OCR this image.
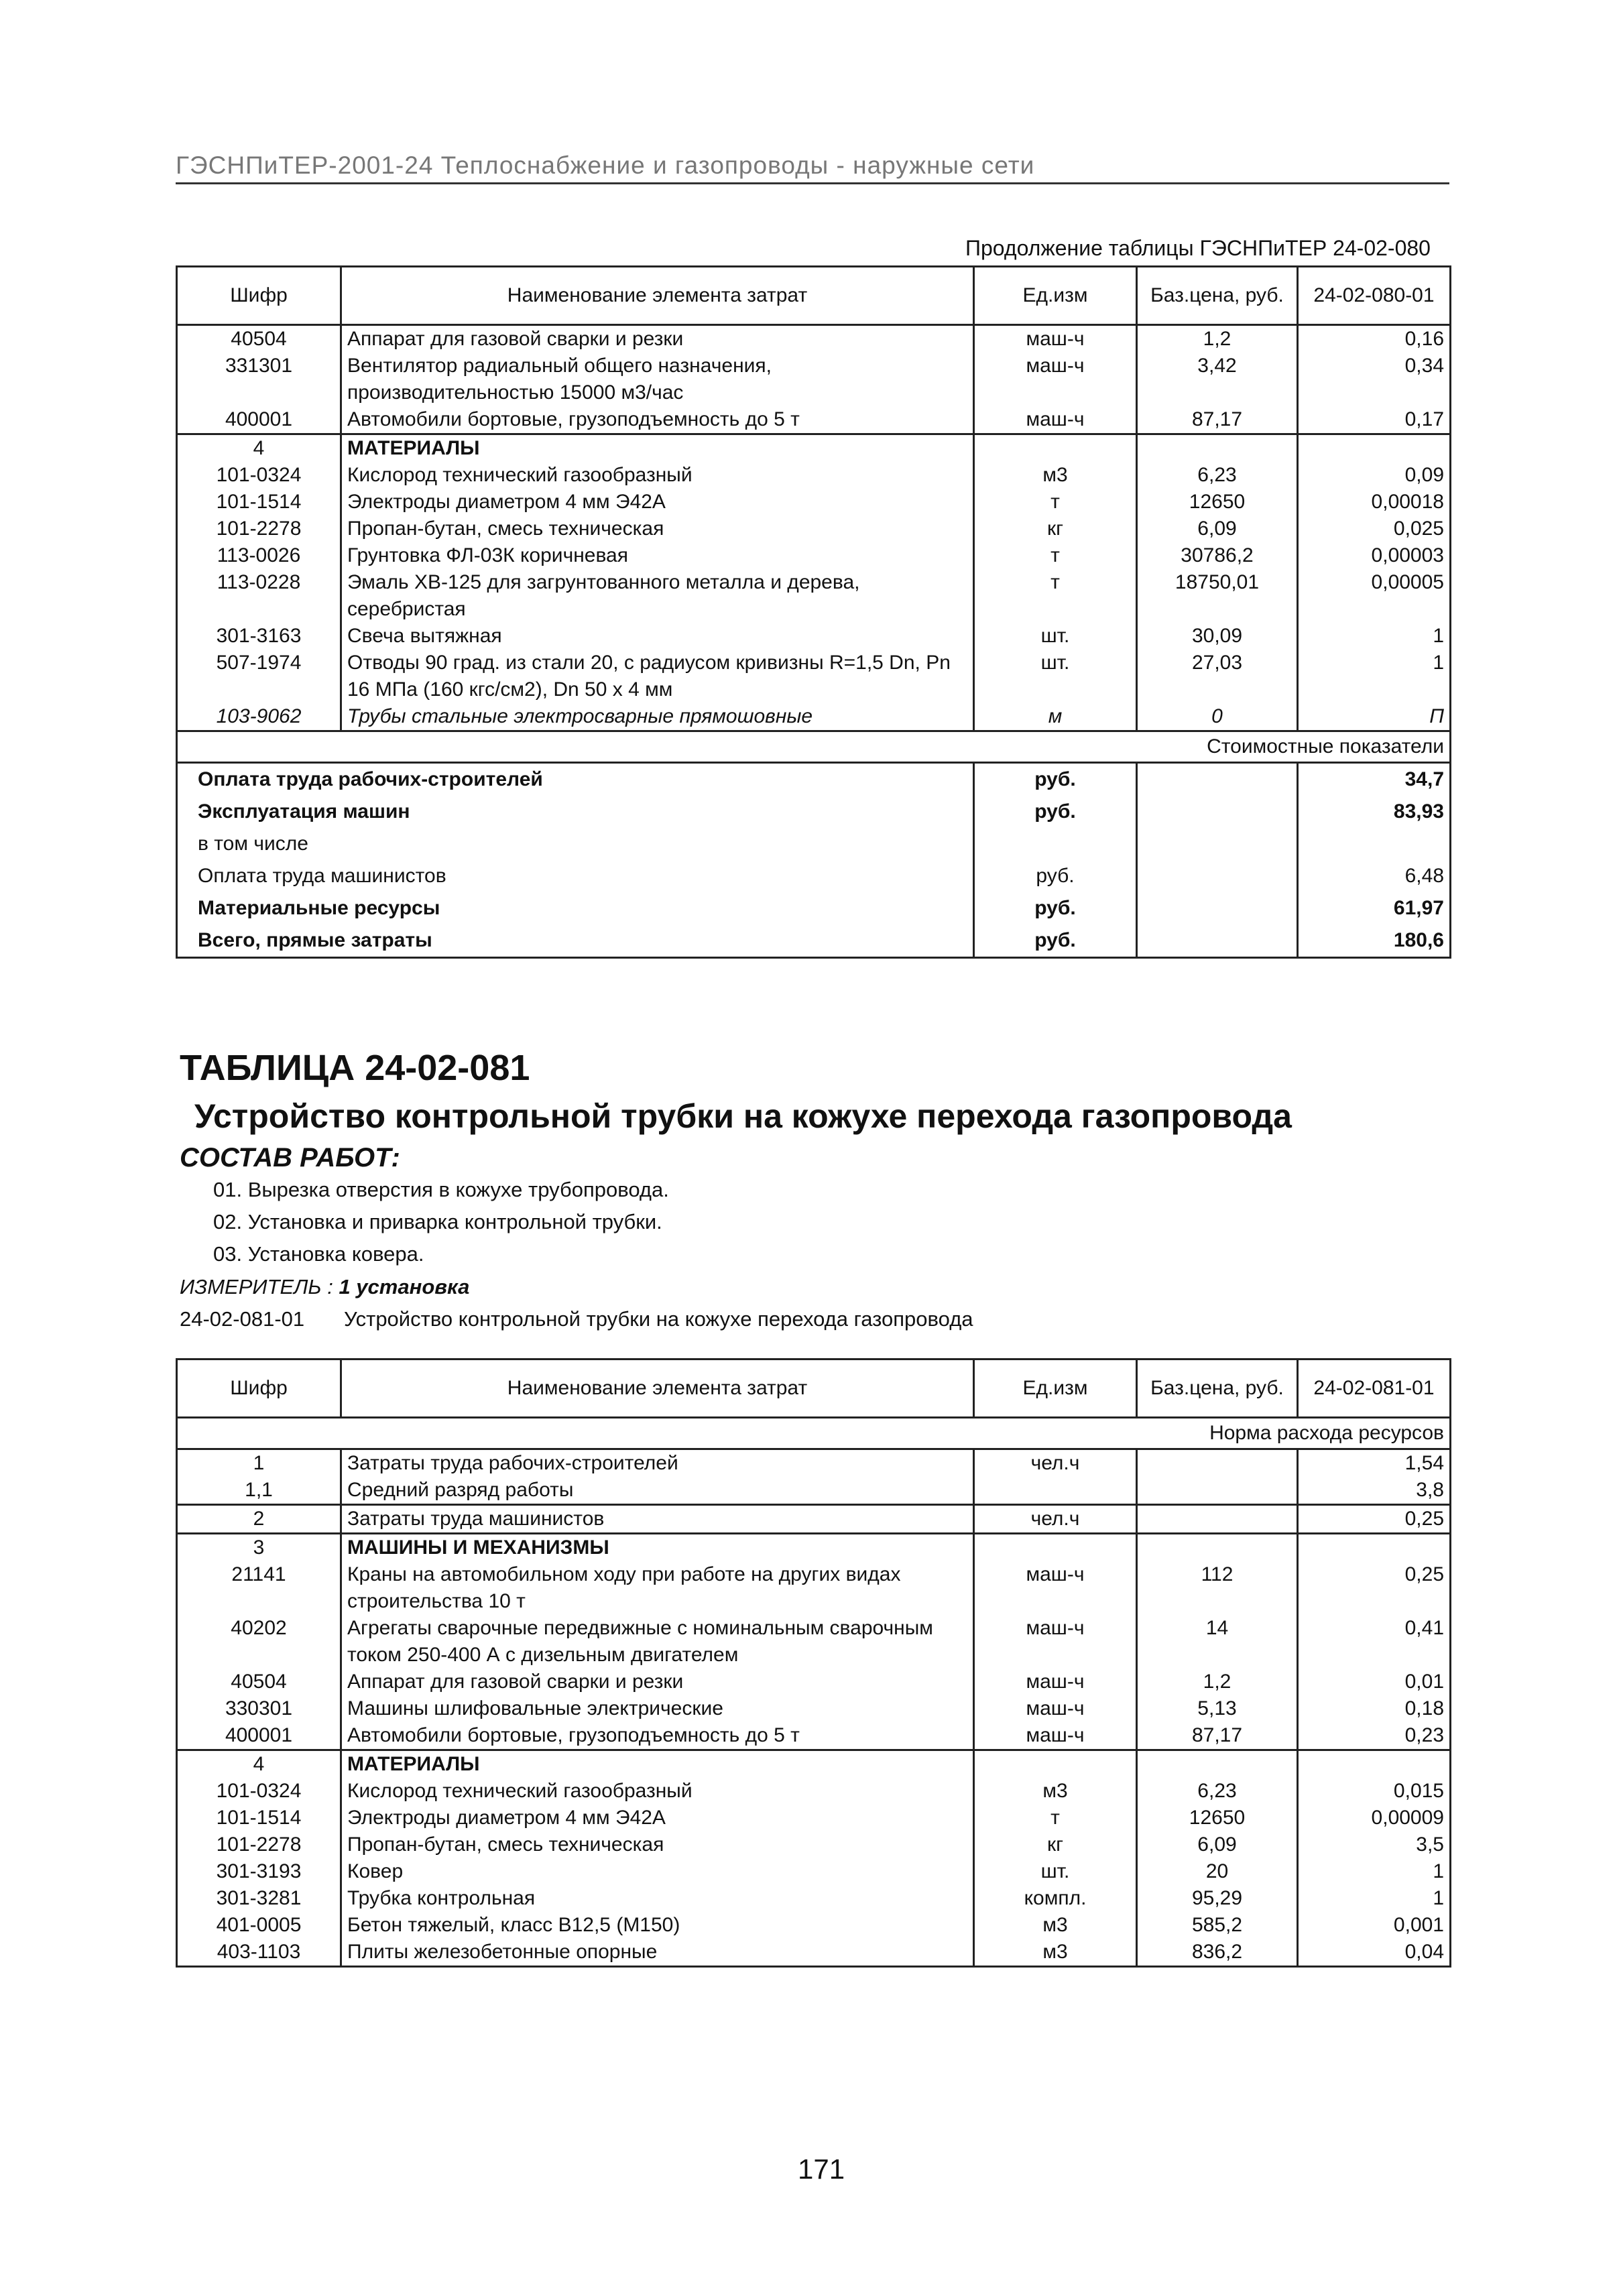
ГЭСНПиТЕР-2001-24 Теплоснабжение и газопроводы - наружные сети
Продолжение таблицы ГЭСНПиТЕР 24-02-080
Шифр	Наименование элемента затрат	Ед.изм	Баз.цена, руб.	24-02-080-01
40504	Аппарат для газовой сварки и резки	маш-ч	1,2	0,16
331301	Вентилятор радиальный общего назначения, производительностью 15000 м3/час	маш-ч	3,42	0,34
400001	Автомобили бортовые, грузоподъемность до 5 т	маш-ч	87,17	0,17
4	МАТЕРИАЛЫ			
101-0324	Кислород технический газообразный	м3	6,23	0,09
101-1514	Электроды диаметром 4 мм Э42А	т	12650	0,00018
101-2278	Пропан-бутан, смесь техническая	кг	6,09	0,025
113-0026	Грунтовка ФЛ-03К коричневая	т	30786,2	0,00003
113-0228	Эмаль ХВ-125 для загрунтованного металла и дерева, серебристая	т	18750,01	0,00005
301-3163	Свеча вытяжная	шт.	30,09	1
507-1974	Отводы 90 град. из стали 20, с радиусом кривизны R=1,5 Dn, Pn 16 МПа (160 кгс/см2), Dn 50 x 4 мм	шт.	27,03	1
103-9062	Трубы стальные электросварные прямошовные	м	0	П
Стоимостные показатели				
Оплата труда рабочих-строителей		руб.		34,7
Эксплуатация машин		руб.		83,93
в том числе				
Оплата труда машинистов		руб.		6,48
Материальные ресурсы		руб.		61,97
Всего, прямые затраты		руб.		180,6
ТАБЛИЦА 24-02-081
Устройство контрольной трубки на кожухе перехода газопровода
СОСТАВ РАБОТ:
01. Вырезка отверстия в кожухе трубопровода.
02. Установка и приварка контрольной трубки.
03. Установка ковера.
ИЗМЕРИТЕЛЬ : 1 установка
24-02-081-01 Устройство контрольной трубки на кожухе перехода газопровода
Шифр	Наименование элемента затрат	Ед.изм	Баз.цена, руб.	24-02-081-01
Норма расхода ресурсов				
1	Затраты труда рабочих-строителей	чел.ч		1,54
1,1	Средний разряд работы			3,8
2	Затраты труда машинистов	чел.ч		0,25
3	МАШИНЫ И МЕХАНИЗМЫ			
21141	Краны на автомобильном ходу при работе на других видах строительства 10 т	маш-ч	112	0,25
40202	Агрегаты сварочные передвижные с номинальным сварочным током 250-400 А с дизельным двигателем	маш-ч	14	0,41
40504	Аппарат для газовой сварки и резки	маш-ч	1,2	0,01
330301	Машины шлифовальные электрические	маш-ч	5,13	0,18
400001	Автомобили бортовые, грузоподъемность до 5 т	маш-ч	87,17	0,23
4	МАТЕРИАЛЫ			
101-0324	Кислород технический газообразный	м3	6,23	0,015
101-1514	Электроды диаметром 4 мм Э42А	т	12650	0,00009
101-2278	Пропан-бутан, смесь техническая	кг	6,09	3,5
301-3193	Ковер	шт.	20	1
301-3281	Трубка контрольная	компл.	95,29	1
401-0005	Бетон тяжелый, класс В12,5 (М150)	м3	585,2	0,001
403-1103	Плиты железобетонные опорные	м3	836,2	0,04
171
